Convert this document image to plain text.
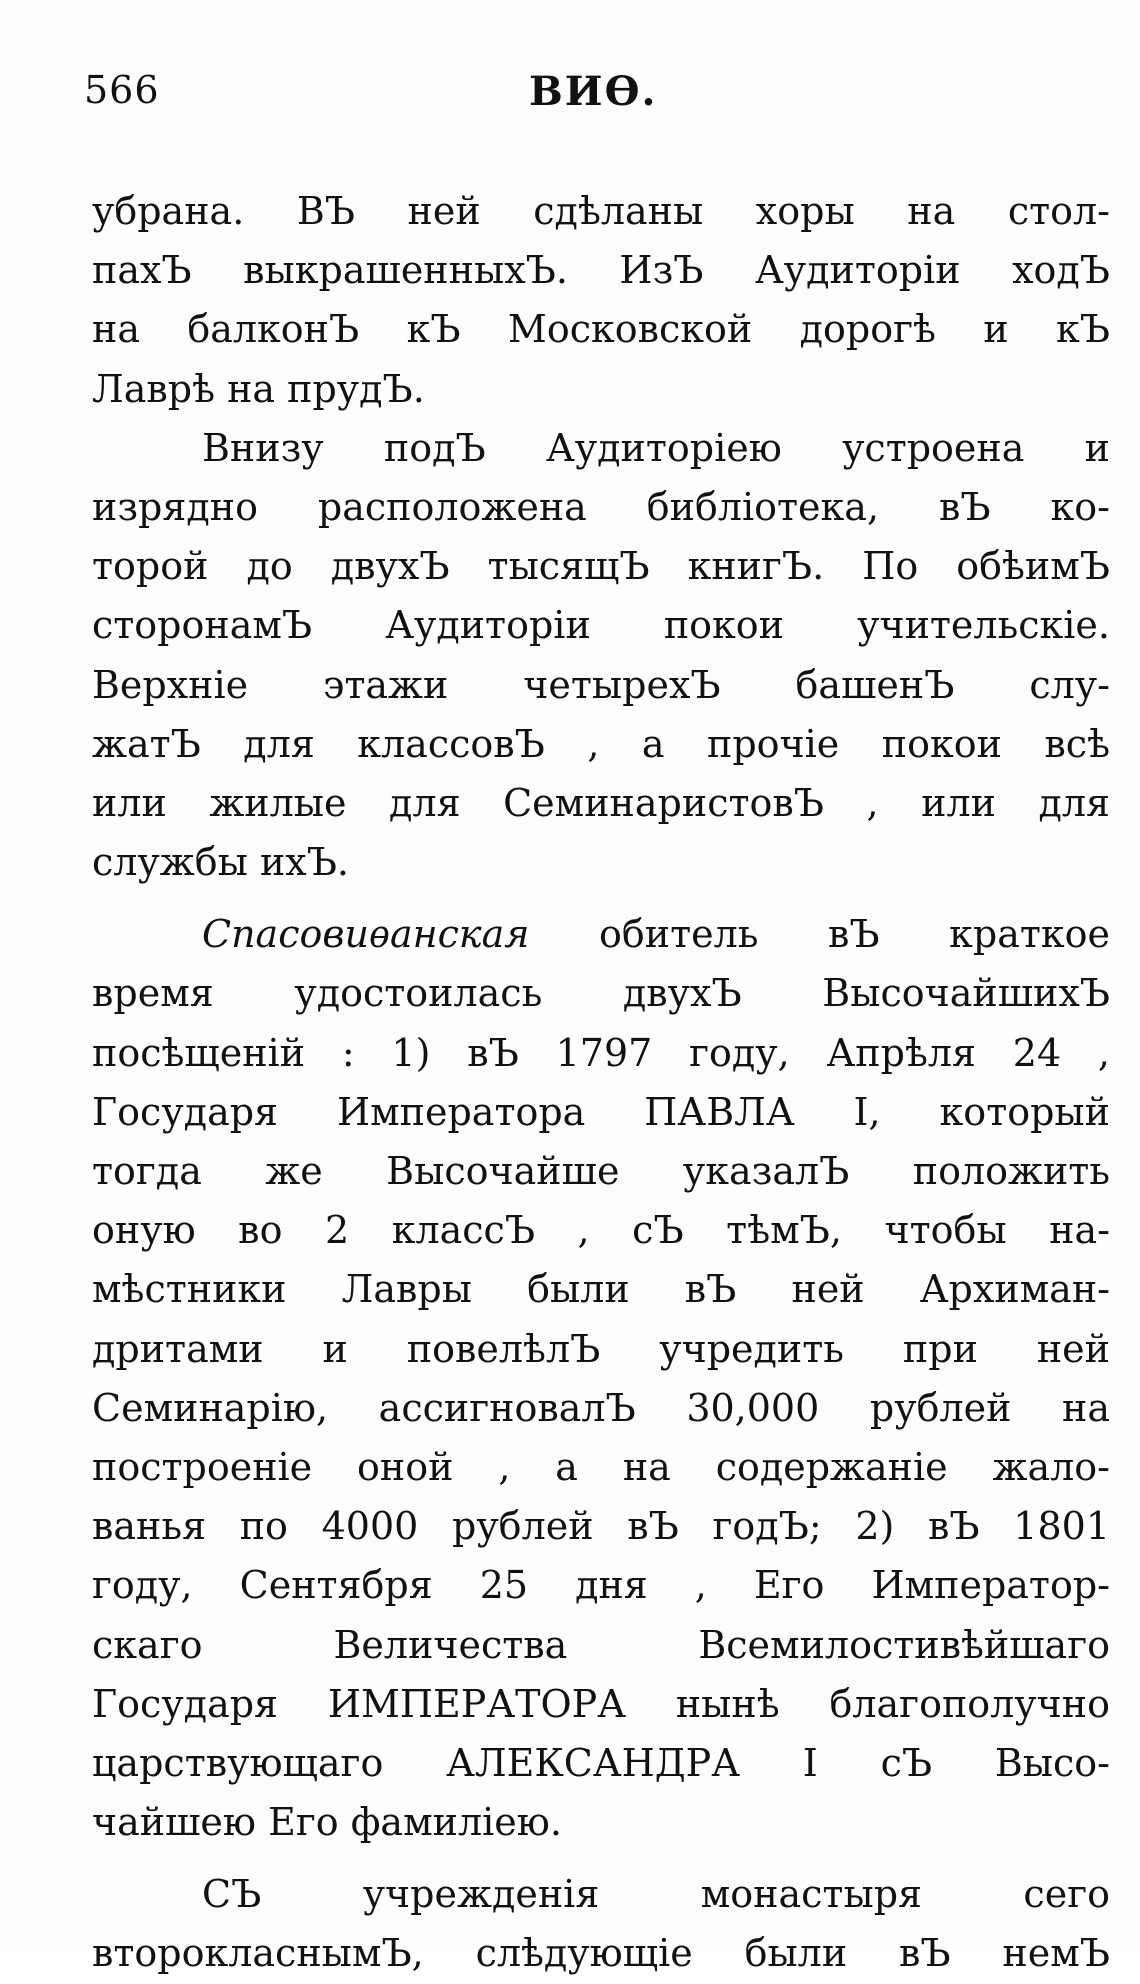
566	ВИѲ.
убрана. ВЪ ней сдѣланы хоры на стол-
пахЪ выкрашенныхЪ. ИзЪ Аудиторiи ходЪ
на балконЪ кЪ Московской дорогѣ и кЪ
Лаврѣ на прудЪ.
Внизу подЪ Аудиторiею устроена и
изрядно расположена библiотека, вЪ ко-
торой до двухЪ тысящЪ книгЪ. По обѣимЪ
сторонамЪ Аудиторiи покои учительскiе.
Верхнiе этажи четырехЪ башенЪ слу-
жатЪ для классовЪ , а прочiе покои всѣ
или жилые для СеминаристовЪ , или для
службы ихЪ.
Спасовиѳанская обитель вЪ краткое
время удостоилась двухЪ ВысочайшихЪ
посѣщенiй : 1) вЪ 1797 году, Апрѣля 24 ,
Государя Императора ПАВЛА I, который
тогда же Высочайше указалЪ положить
оную во 2 классЪ , сЪ тѣмЪ, чтобы на-
мѣстники Лавры были вЪ ней Архиман-
дритами и повелѣлЪ учредить при ней
Семинарiю, ассигновалЪ 30,000 рублей на
построенiе оной , а на содержанiе жало-
ванья по 4000 рублей вЪ годЪ; 2) вЪ 1801
году, Сентября 25 дня , Его Император-
скаго Величества Всемилостивѣйшаго
Государя ИМПЕРАТОРА нынѣ благополучно
царствующаго АЛЕКСАНДРА I сЪ Высо-
чайшею Его фамилiею.
СЪ учрежденiя монастыря сего
второкласнымЪ, слѣдующiе были вЪ немЪ
